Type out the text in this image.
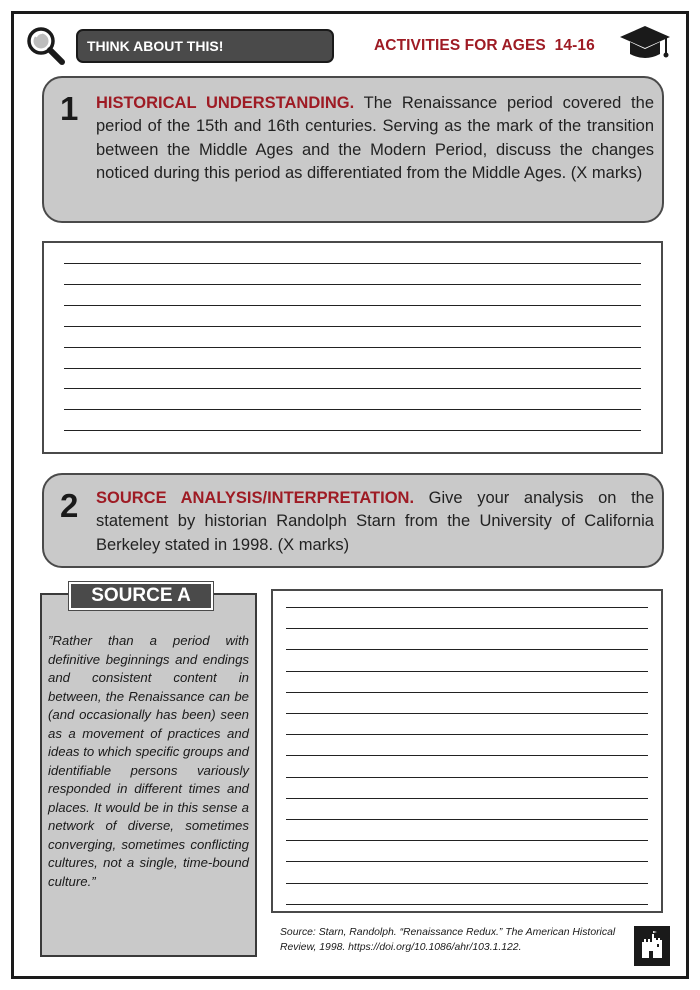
THINK ABOUT THIS!	ACTIVITIES FOR AGES  14-16
1 HISTORICAL UNDERSTANDING. The Renaissance period covered the period of the 15th and 16th centuries. Serving as the mark of the transition between the Middle Ages and the Modern Period, discuss the changes noticed during this period as differentiated from the Middle Ages. (X marks)
2 SOURCE ANALYSIS/INTERPRETATION. Give your analysis on the statement by historian Randolph Starn from the University of California Berkeley stated in 1998. (X marks)
SOURCE A
”Rather than a period with definitive beginnings and endings and consistent content in between, the Renaissance can be (and occasionally has been) seen as a movement of practices and ideas to which specific groups and identifiable persons variously responded in different times and places. It would be in this sense a network of diverse, sometimes converging, sometimes conflicting cultures, not a single, time-bound culture.”
Source: Starn, Randolph. “Renaissance Redux.” The American Historical Review, 1998. https://doi.org/10.1086/ahr/103.1.122.
